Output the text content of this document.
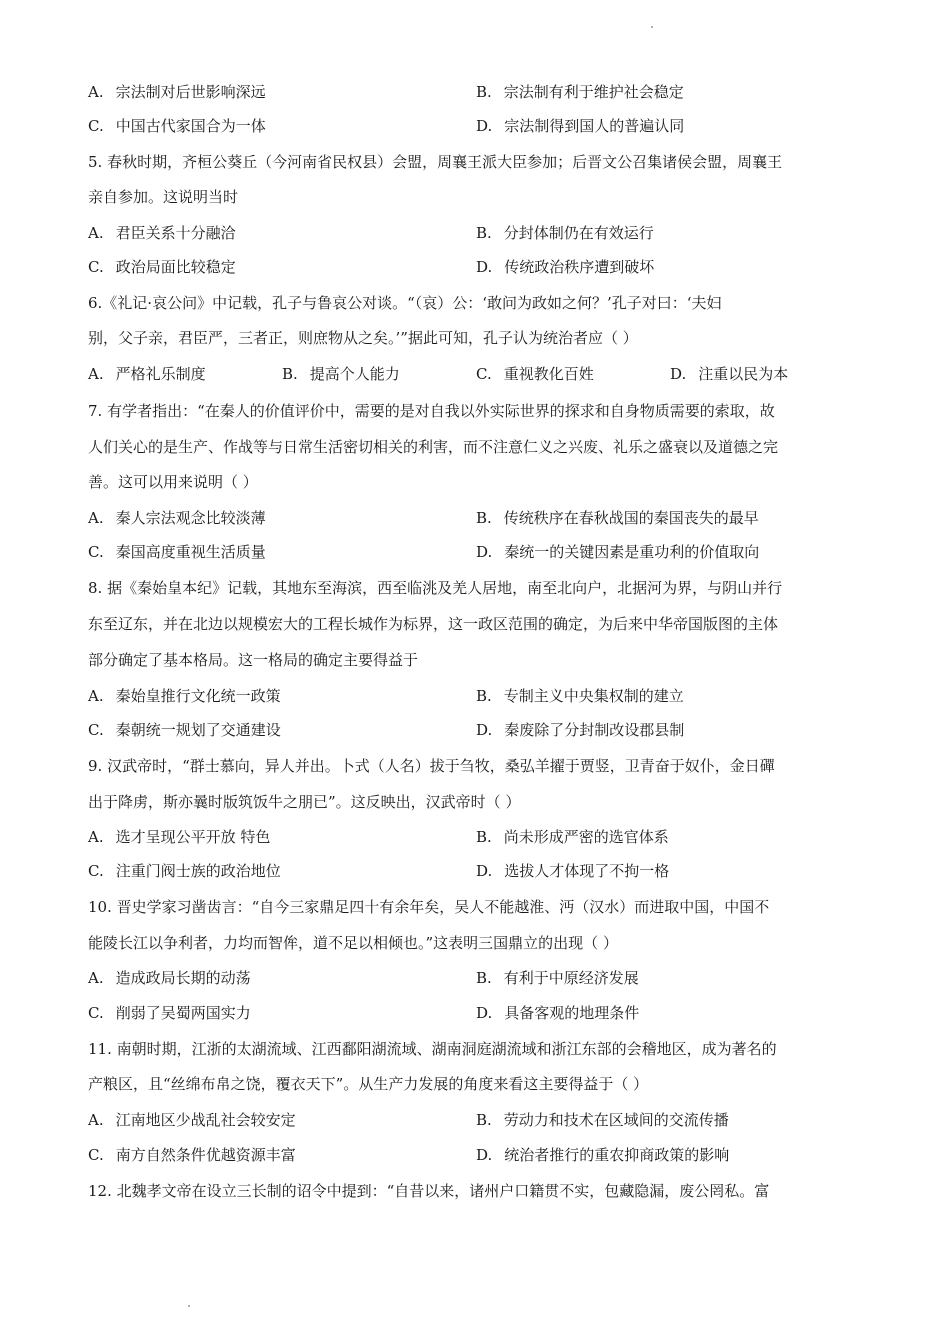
A. 宗法制对后世影响深远	B. 宗法制有利于维护社会稳定
C. 中国古代家国合为一体	D. 宗法制得到国人的普遍认同
5. 春秋时期，齐桓公葵丘（今河南省民权县）会盟，周襄王派大臣参加；后晋文公召集诸侯会盟，周襄王
亲自参加。这说明当时
A. 君臣关系十分融洽	B. 分封体制仍在有效运行
C. 政治局面比较稳定	D. 传统政治秩序遭到破坏
6.《礼记·哀公问》中记载，孔子与鲁哀公对谈。“（哀）公：‘敢问为政如之何？’孔子对曰：‘夫妇
别，父子亲，君臣严，三者正，则庶物从之矣。’”据此可知，孔子认为统治者应（ ）
A. 严格礼乐制度	B. 提高个人能力	C. 重视教化百姓	D. 注重以民为本
7. 有学者指出：“在秦人的价值评价中，需要的是对自我以外实际世界的探求和自身物质需要的索取，故
人们关心的是生产、作战等与日常生活密切相关的利害，而不注意仁义之兴废、礼乐之盛衰以及道德之完
善。这可以用来说明（ ）
A. 秦人宗法观念比较淡薄	B. 传统秩序在春秋战国的秦国丧失的最早
C. 秦国高度重视生活质量	D. 秦统一的关键因素是重功利的价值取向
8. 据《秦始皇本纪》记载，其地东至海滨，西至临洮及羌人居地，南至北向户，北据河为界，与阴山并行
东至辽东，并在北边以规模宏大的工程长城作为标界，这一政区范围的确定，为后来中华帝国版图的主体
部分确定了基本格局。这一格局的确定主要得益于
A. 秦始皇推行文化统一政策	B. 专制主义中央集权制的建立
C. 秦朝统一规划了交通建设	D. 秦废除了分封制改设郡县制
9. 汉武帝时，“群士慕向，异人并出。卜式（人名）拔于刍牧，桑弘羊擢于贾竖，卫青奋于奴仆，金日磾
出于降虏，斯亦曩时版筑饭牛之朋已”。这反映出，汉武帝时（ ）
A. 选才呈现公平开放 特色	B. 尚未形成严密的选官体系
C. 注重门阀士族的政治地位	D. 选拔人才体现了不拘一格
10. 晋史学家习凿齿言：“自今三家鼎足四十有余年矣，吴人不能越淮、沔（汉水）而进取中国，中国不
能陵长江以争利者，力均而智侔，道不足以相倾也。”这表明三国鼎立的出现（ ）
A. 造成政局长期的动荡	B. 有利于中原经济发展
C. 削弱了吴蜀两国实力	D. 具备客观的地理条件
11. 南朝时期，江浙的太湖流域、江西鄱阳湖流域、湖南洞庭湖流域和浙江东部的会稽地区，成为著名的
产粮区，且“丝绵布帛之饶，覆衣天下”。从生产力发展的角度来看这主要得益于（ ）
A. 江南地区少战乱社会较安定	B. 劳动力和技术在区域间的交流传播
C. 南方自然条件优越资源丰富	D. 统治者推行的重农抑商政策的影响
12. 北魏孝文帝在设立三长制的诏令中提到：“自昔以来，诸州户口籍贯不实，包藏隐漏，废公罔私。富
